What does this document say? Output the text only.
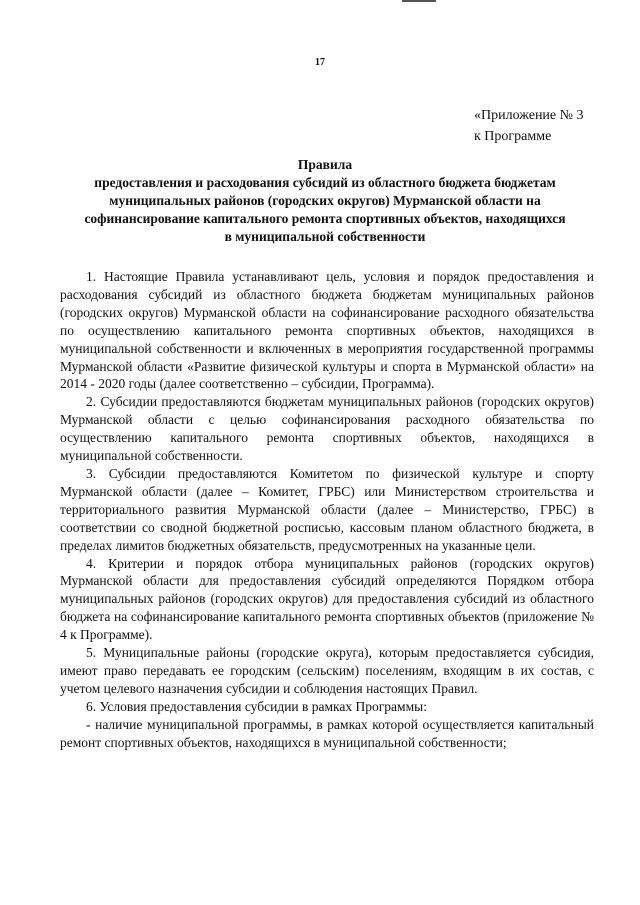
17
«Приложение № 3
к Программе
Правила
предоставления и расходования субсидий из областного бюджета бюджетам
муниципальных районов (городских округов) Мурманской области на
софинансирование капитального ремонта спортивных объектов, находящихся
в муниципальной собственности

1. Настоящие Правила устанавливают цель, условия и порядок предоставления и расходования субсидий из областного бюджета бюджетам муниципальных районов (городских округов) Мурманской области на софинансирование расходного обязательства по осуществлению капитального ремонта спортивных объектов, находящихся в муниципальной собственности и включенных в мероприятия государственной программы Мурманской области «Развитие физической культуры и спорта в Мурманской области» на 2014 - 2020 годы (далее соответственно – субсидии, Программа).

2. Субсидии предоставляются бюджетам муниципальных районов (городских округов) Мурманской области с целью софинансирования расходного обязательства по осуществлению капитального ремонта спортивных объектов, находящихся в муниципальной собственности.

3. Субсидии предоставляются Комитетом по физической культуре и спорту Мурманской области (далее – Комитет, ГРБС) или Министерством строительства и территориального развития Мурманской области (далее – Министерство, ГРБС) в соответствии со сводной бюджетной росписью, кассовым планом областного бюджета, в пределах лимитов бюджетных обязательств, предусмотренных на указанные цели.

4. Критерии и порядок отбора муниципальных районов (городских округов) Мурманской области для предоставления субсидий определяются Порядком отбора муниципальных районов (городских округов) для предоставления субсидий из областного бюджета на софинансирование капитального ремонта спортивных объектов (приложение № 4 к Программе).

5. Муниципальные районы (городские округа), которым предоставляется субсидия, имеют право передавать ее городским (сельским) поселениям, входящим в их состав, с учетом целевого назначения субсидии и соблюдения настоящих Правил.

6. Условия предоставления субсидии в рамках Программы:

- наличие муниципальной программы, в рамках которой осуществляется капитальный ремонт спортивных объектов, находящихся в муниципальной собственности;
